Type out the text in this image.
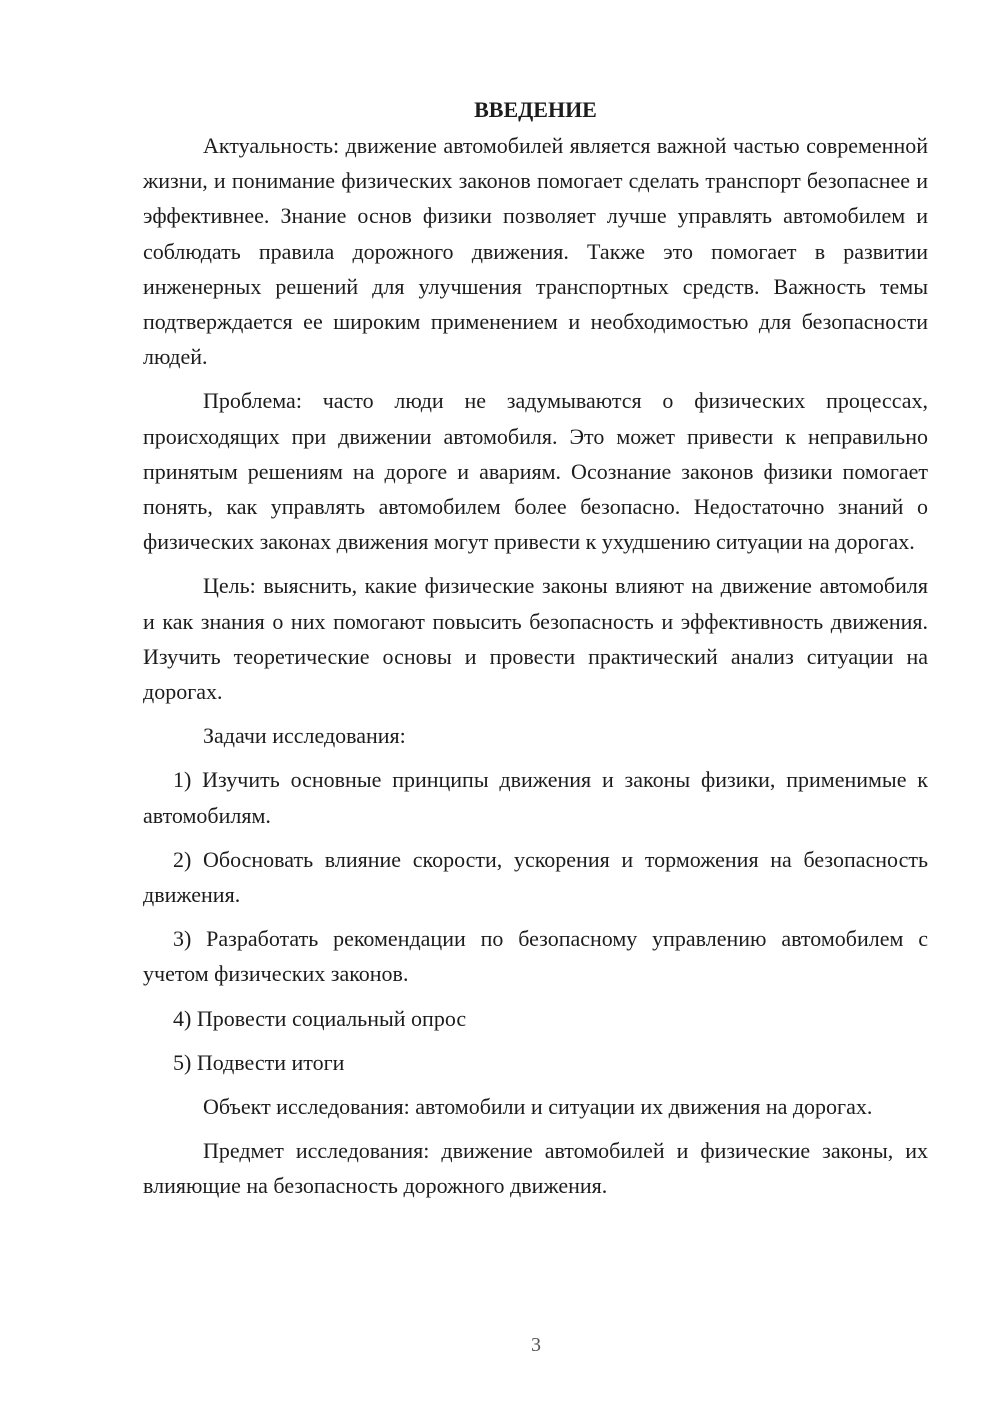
ВВЕДЕНИЕ

Актуальность: движение автомобилей является важной частью современной жизни, и понимание физических законов помогает сделать транспорт безопаснее и эффективнее. Знание основ физики позволяет лучше управлять автомобилем и соблюдать правила дорожного движения. Также это помогает в развитии инженерных решений для улучшения транспортных средств. Важность темы подтверждается ее широким применением и необходимостью для безопасности людей.

Проблема: часто люди не задумываются о физических процессах, происходящих при движении автомобиля. Это может привести к неправильно принятым решениям на дороге и авариям. Осознание законов физики помогает понять, как управлять автомобилем более безопасно. Недостаточно знаний о физических законах движения могут привести к ухудшению ситуации на дорогах.

Цель: выяснить, какие физические законы влияют на движение автомобиля и как знания о них помогают повысить безопасность и эффективность движения. Изучить теоретические основы и провести практический анализ ситуации на дорогах.

Задачи исследования:

1) Изучить основные принципы движения и законы физики, применимые к автомобилям.

2) Обосновать влияние скорости, ускорения и торможения на безопасность движения.

3) Разработать рекомендации по безопасному управлению автомобилем с учетом физических законов.

4) Провести социальный опрос

5) Подвести итоги

Объект исследования: автомобили и ситуации их движения на дорогах.

Предмет исследования: движение автомобилей и физические законы, их влияющие на безопасность дорожного движения.

3
